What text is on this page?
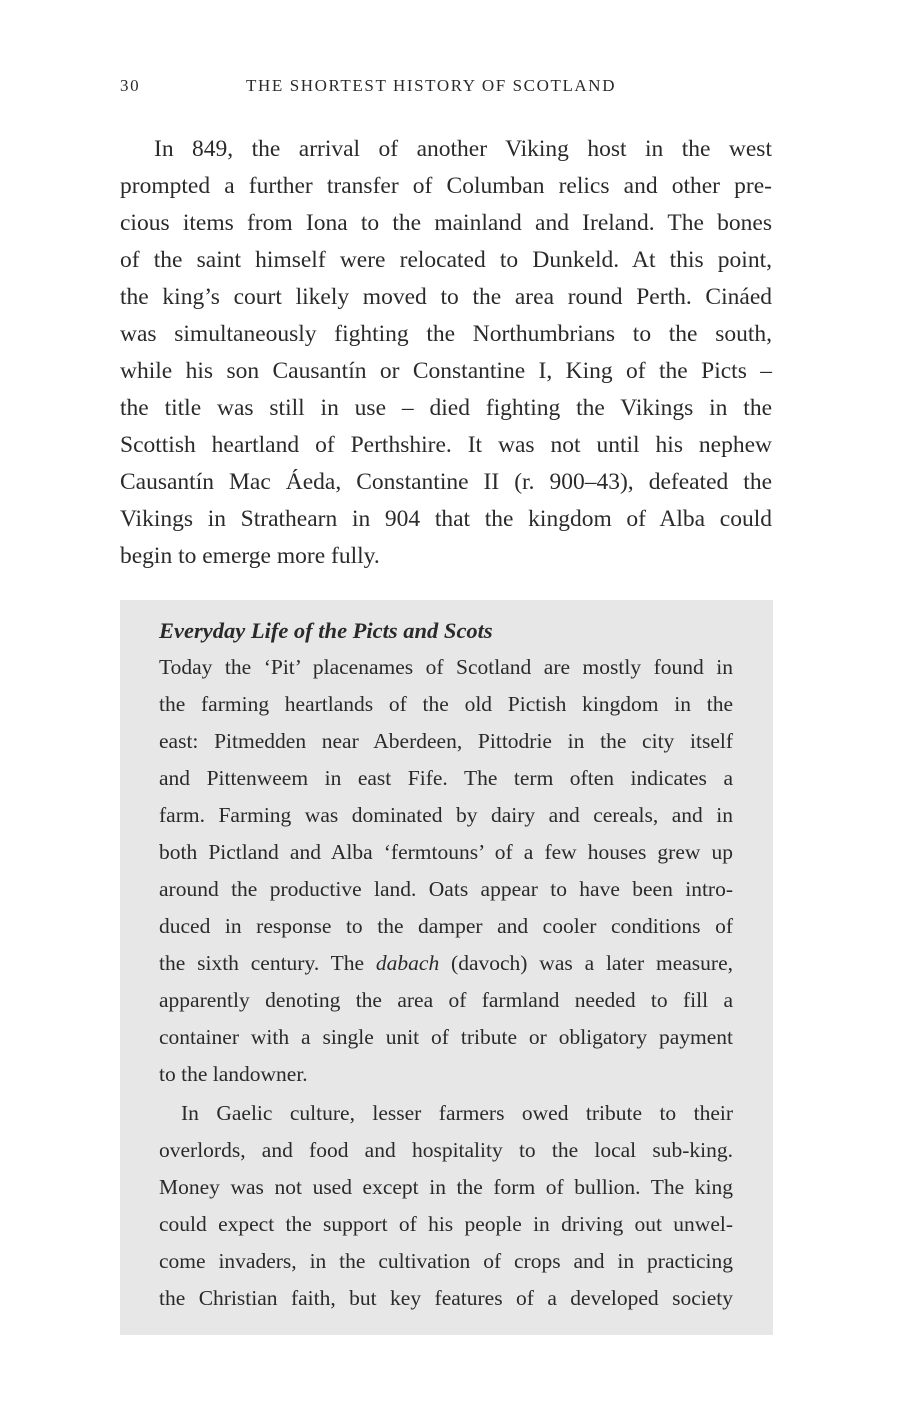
30	THE SHORTEST HISTORY OF SCOTLAND
In 849, the arrival of another Viking host in the west
prompted a further transfer of Columban relics and other pre-
cious items from Iona to the mainland and Ireland. The bones
of the saint himself were relocated to Dunkeld. At this point,
the king’s court likely moved to the area round Perth. Cináed
was simultaneously fighting the Northumbrians to the south,
while his son Causantín or Constantine I, King of the Picts –
the title was still in use – died fighting the Vikings in the
Scottish heartland of Perthshire. It was not until his nephew
Causantín Mac Áeda, Constantine II (r. 900–43), defeated the
Vikings in Strathearn in 904 that the kingdom of Alba could
begin to emerge more fully.
Everyday Life of the Picts and Scots
Today the ‘Pit’ placenames of Scotland are mostly found in
the farming heartlands of the old Pictish kingdom in the
east: Pitmedden near Aberdeen, Pittodrie in the city itself
and Pittenweem in east Fife. The term often indicates a
farm. Farming was dominated by dairy and cereals, and in
both Pictland and Alba ‘fermtouns’ of a few houses grew up
around the productive land. Oats appear to have been intro-
duced in response to the damper and cooler conditions of
the sixth century. The dabach (davoch) was a later measure,
apparently denoting the area of farmland needed to fill a
container with a single unit of tribute or obligatory payment
to the landowner.
In Gaelic culture, lesser farmers owed tribute to their
overlords, and food and hospitality to the local sub-king.
Money was not used except in the form of bullion. The king
could expect the support of his people in driving out unwel-
come invaders, in the cultivation of crops and in practicing
the Christian faith, but key features of a developed society
